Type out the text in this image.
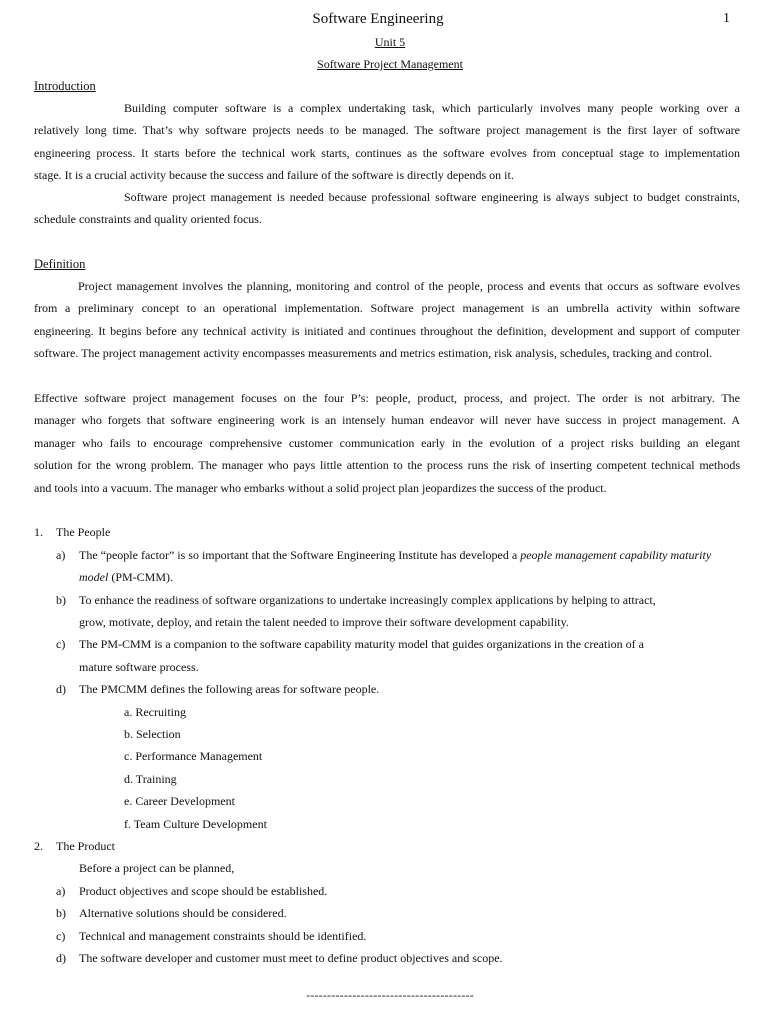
Software Engineering	1
Unit 5
Software Project Management
Introduction
Building computer software is a complex undertaking task, which particularly involves many people working over a
relatively long time. That’s why software projects needs to be managed. The software project management is the first layer of software
engineering process. It starts before the technical work starts, continues as the software evolves from conceptual stage to implementation
stage. It is a crucial activity because the success and failure of the software is directly depends on it.
Software project management is needed because professional software engineering is always subject to budget constraints,
schedule constraints and quality oriented focus.
Definition
Project management involves the planning, monitoring and control of the people, process and events that occurs as software evolves
from a preliminary concept to an operational implementation. Software project management is an umbrella activity within software
engineering. It begins before any technical activity is initiated and continues throughout the definition, development and support of computer
software. The project management activity encompasses measurements and metrics estimation, risk analysis, schedules, tracking and control.
Effective software project management focuses on the four P’s: people, product, process, and project. The order is not arbitrary. The
manager who forgets that software engineering work is an intensely human endeavor will never have success in project management. A
manager who fails to encourage comprehensive customer communication early in the evolution of a project risks building an elegant
solution for the wrong problem. The manager who pays little attention to the process runs the risk of inserting competent technical methods
and tools into a vacuum. The manager who embarks without a solid project plan jeopardizes the success of the product.
1. The People
a) The “people factor” is so important that the Software Engineering Institute has developed a people management capability maturity
model (PM-CMM).
b) To enhance the readiness of software organizations to undertake increasingly complex applications by helping to attract,
grow, motivate, deploy, and retain the talent needed to improve their software development capability.
c) The PM-CMM is a companion to the software capability maturity model that guides organizations in the creation of a
mature software process.
d) The PMCMM defines the following areas for software people.
a. Recruiting
b. Selection
c. Performance Management
d. Training
e. Career Development
f. Team Culture Development
2. The Product
Before a project can be planned,
a) Product objectives and scope should be established.
b) Alternative solutions should be considered.
c) Technical and management constraints should be identified.
d) The software developer and customer must meet to define product objectives and scope.
----------------------------------------
